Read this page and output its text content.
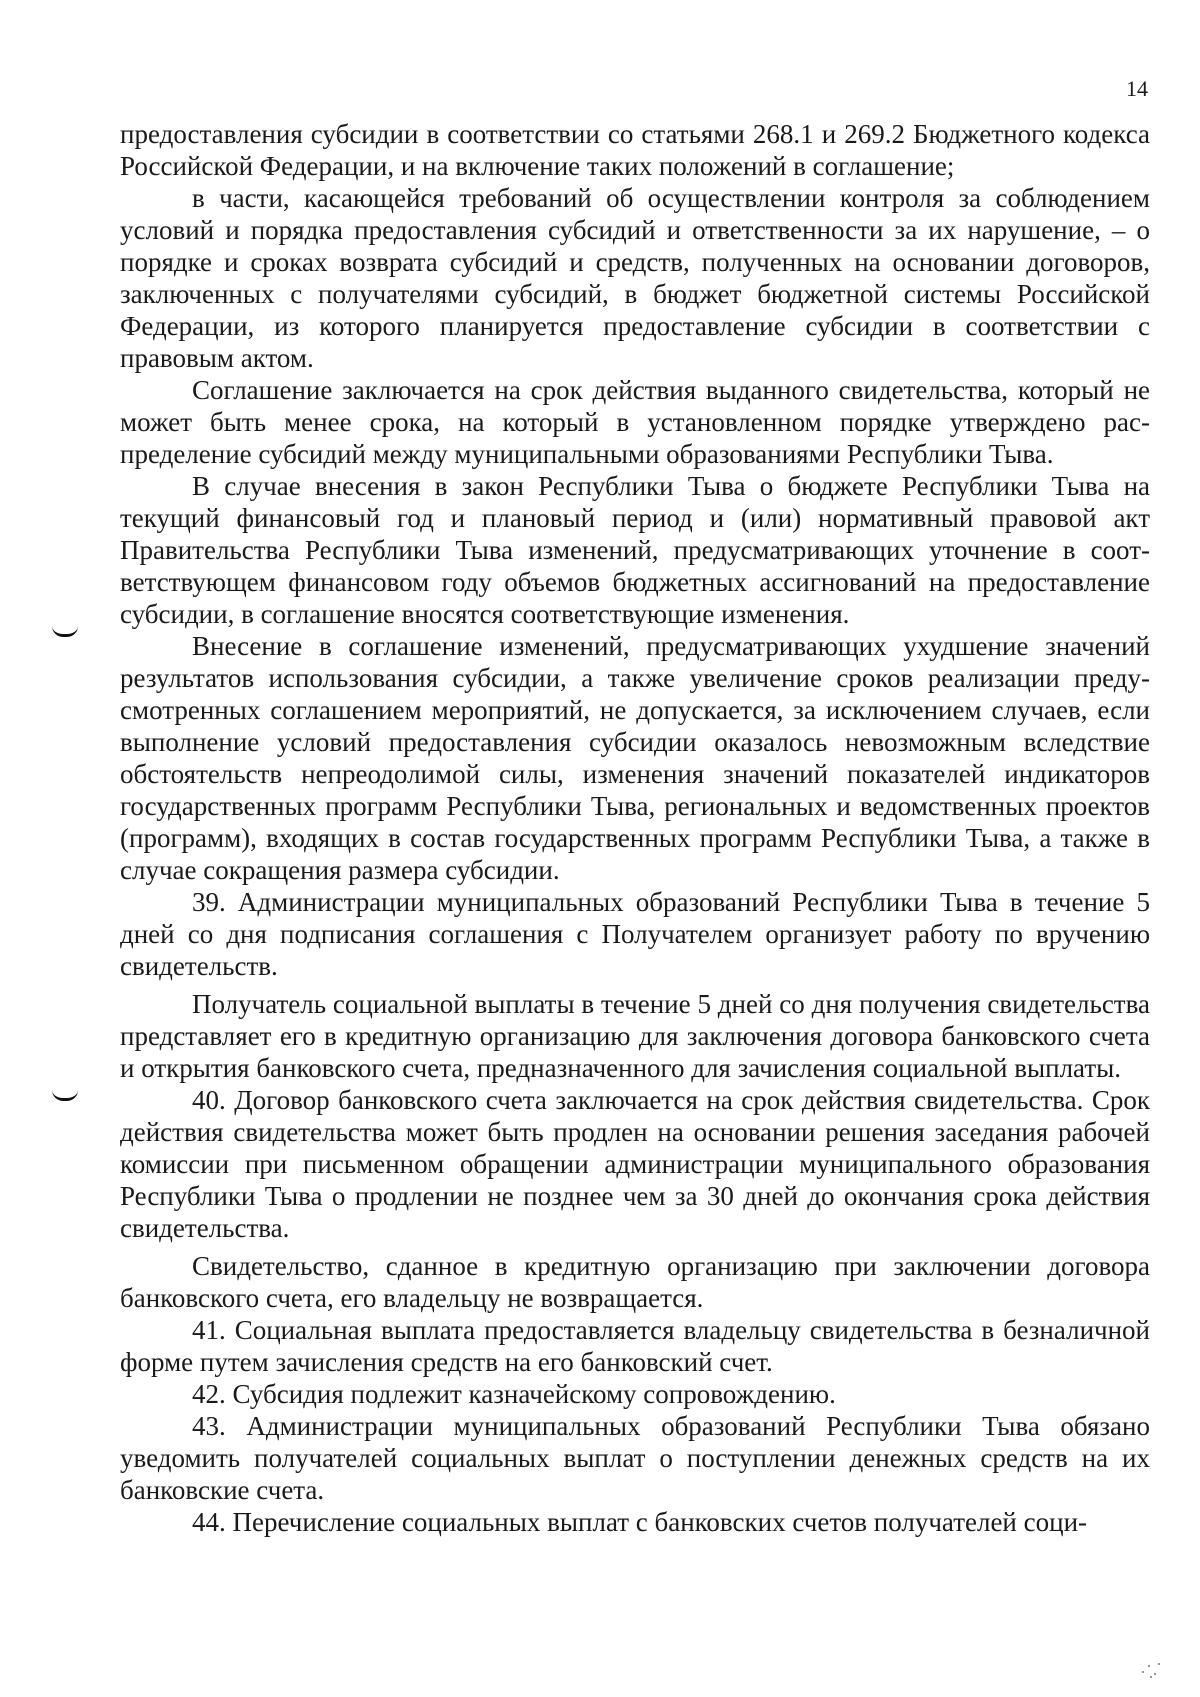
14

предоставления субсидии в соответствии со статьями 268.1 и 269.2 Бюджетного кодекса Российской Федерации, и на включение таких положений в соглашение;

в части, касающейся требований об осуществлении контроля за соблюдением условий и порядка предоставления субсидий и ответственности за их нарушение, – о порядке и сроках возврата субсидий и средств, полученных на основании договоров, заключенных с получателями субсидий, в бюджет бюджетной системы Российской Федерации, из которого планируется предоставление субсидии в соответствии с правовым актом.

Соглашение заключается на срок действия выданного свидетельства, который не может быть менее срока, на который в установленном порядке утверждено распределение субсидий между муниципальными образованиями Республики Тыва.

В случае внесения в закон Республики Тыва о бюджете Республики Тыва на текущий финансовый год и плановый период и (или) нормативный правовой акт Правительства Республики Тыва изменений, предусматривающих уточнение в соответствующем финансовом году объемов бюджетных ассигнований на предоставление субсидии, в соглашение вносятся соответствующие изменения.

Внесение в соглашение изменений, предусматривающих ухудшение значений результатов использования субсидии, а также увеличение сроков реализации предусмотренных соглашением мероприятий, не допускается, за исключением случаев, если выполнение условий предоставления субсидии оказалось невозможным вследствие обстоятельств непреодолимой силы, изменения значений показателей индикаторов государственных программ Республики Тыва, региональных и ведомственных проектов (программ), входящих в состав государственных программ Республики Тыва, а также в случае сокращения размера субсидии.

39. Администрации муниципальных образований Республики Тыва в течение 5 дней со дня подписания соглашения с Получателем организует работу по вручению свидетельств.

Получатель социальной выплаты в течение 5 дней со дня получения свидетельства представляет его в кредитную организацию для заключения договора банковского счета и открытия банковского счета, предназначенного для зачисления социальной выплаты.

40. Договор банковского счета заключается на срок действия свидетельства. Срок действия свидетельства может быть продлен на основании решения заседания рабочей комиссии при письменном обращении администрации муниципального образования Республики Тыва о продлении не позднее чем за 30 дней до окончания срока действия свидетельства.

Свидетельство, сданное в кредитную организацию при заключении договора банковского счета, его владельцу не возвращается.

41. Социальная выплата предоставляется владельцу свидетельства в безналичной форме путем зачисления средств на его банковский счет.

42. Субсидия подлежит казначейскому сопровождению.

43. Администрации муниципальных образований Республики Тыва обязано уведомить получателей социальных выплат о поступлении денежных средств на их банковские счета.

44. Перечисление социальных выплат с банковских счетов получателей соци-
